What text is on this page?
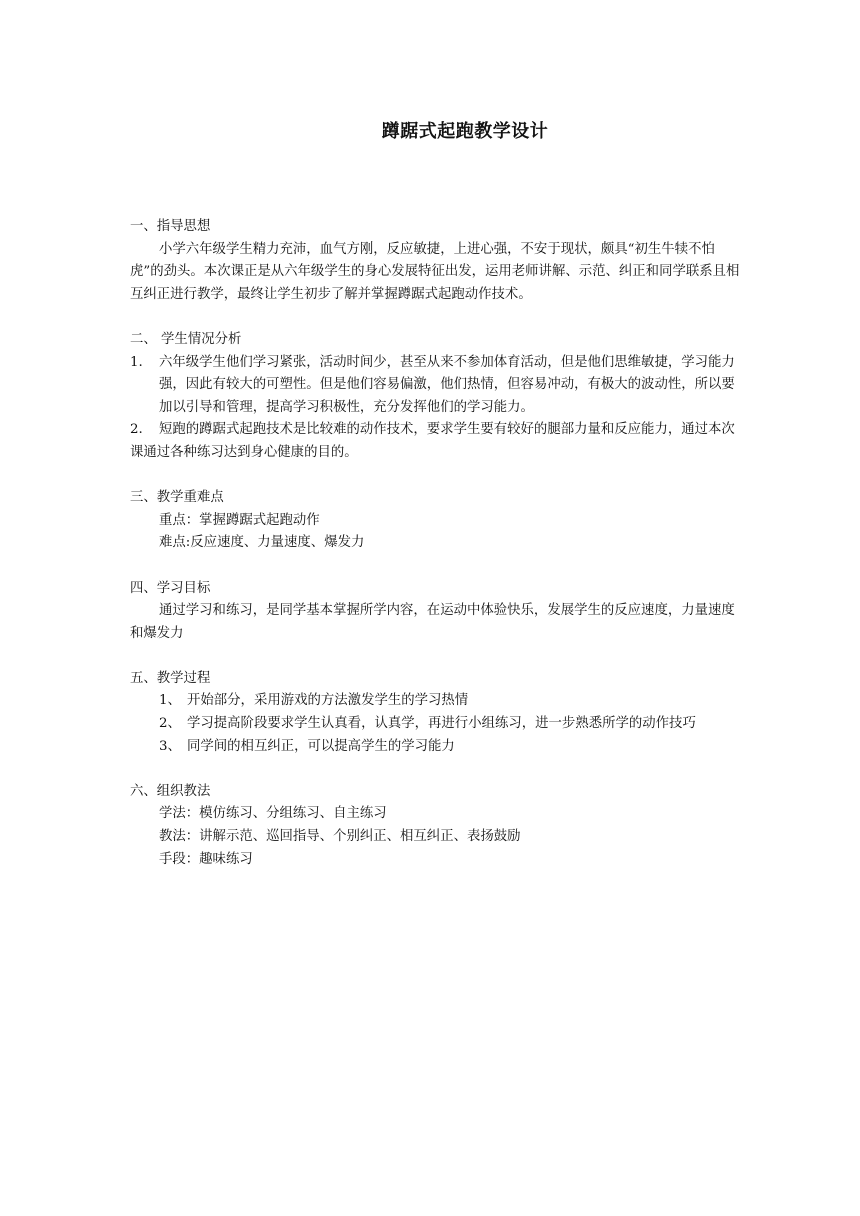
蹲踞式起跑教学设计

一、指导思想

小学六年级学生精力充沛，血气方刚，反应敏捷，上进心强，不安于现状，颇具“初生牛犊不怕虎”的劲头。本次课正是从六年级学生的身心发展特征出发，运用老师讲解、示范、纠正和同学联系且相互纠正进行教学，最终让学生初步了解并掌握蹲踞式起跑动作技术。

二、 学生情况分析

1. 六年级学生他们学习紧张，活动时间少，甚至从来不参加体育活动，但是他们思维敏捷，学习能力强，因此有较大的可塑性。但是他们容易偏激，他们热情，但容易冲动，有极大的波动性，所以要加以引导和管理，提高学习积极性，充分发挥他们的学习能力。
2. 短跑的蹲踞式起跑技术是比较难的动作技术，要求学生要有较好的腿部力量和反应能力，通过本次课通过各种练习达到身心健康的目的。

三、教学重难点

重点：掌握蹲踞式起跑动作

难点:反应速度、力量速度、爆发力

四、学习目标

通过学习和练习，是同学基本掌握所学内容，在运动中体验快乐，发展学生的反应速度，力量速度和爆发力

五、教学过程

1、 开始部分，采用游戏的方法激发学生的学习热情
2、 学习提高阶段要求学生认真看，认真学，再进行小组练习，进一步熟悉所学的动作技巧
3、 同学间的相互纠正，可以提高学生的学习能力

六、组织教法

学法：模仿练习、分组练习、自主练习

教法：讲解示范、巡回指导、个别纠正、相互纠正、表扬鼓励

手段：趣味练习
